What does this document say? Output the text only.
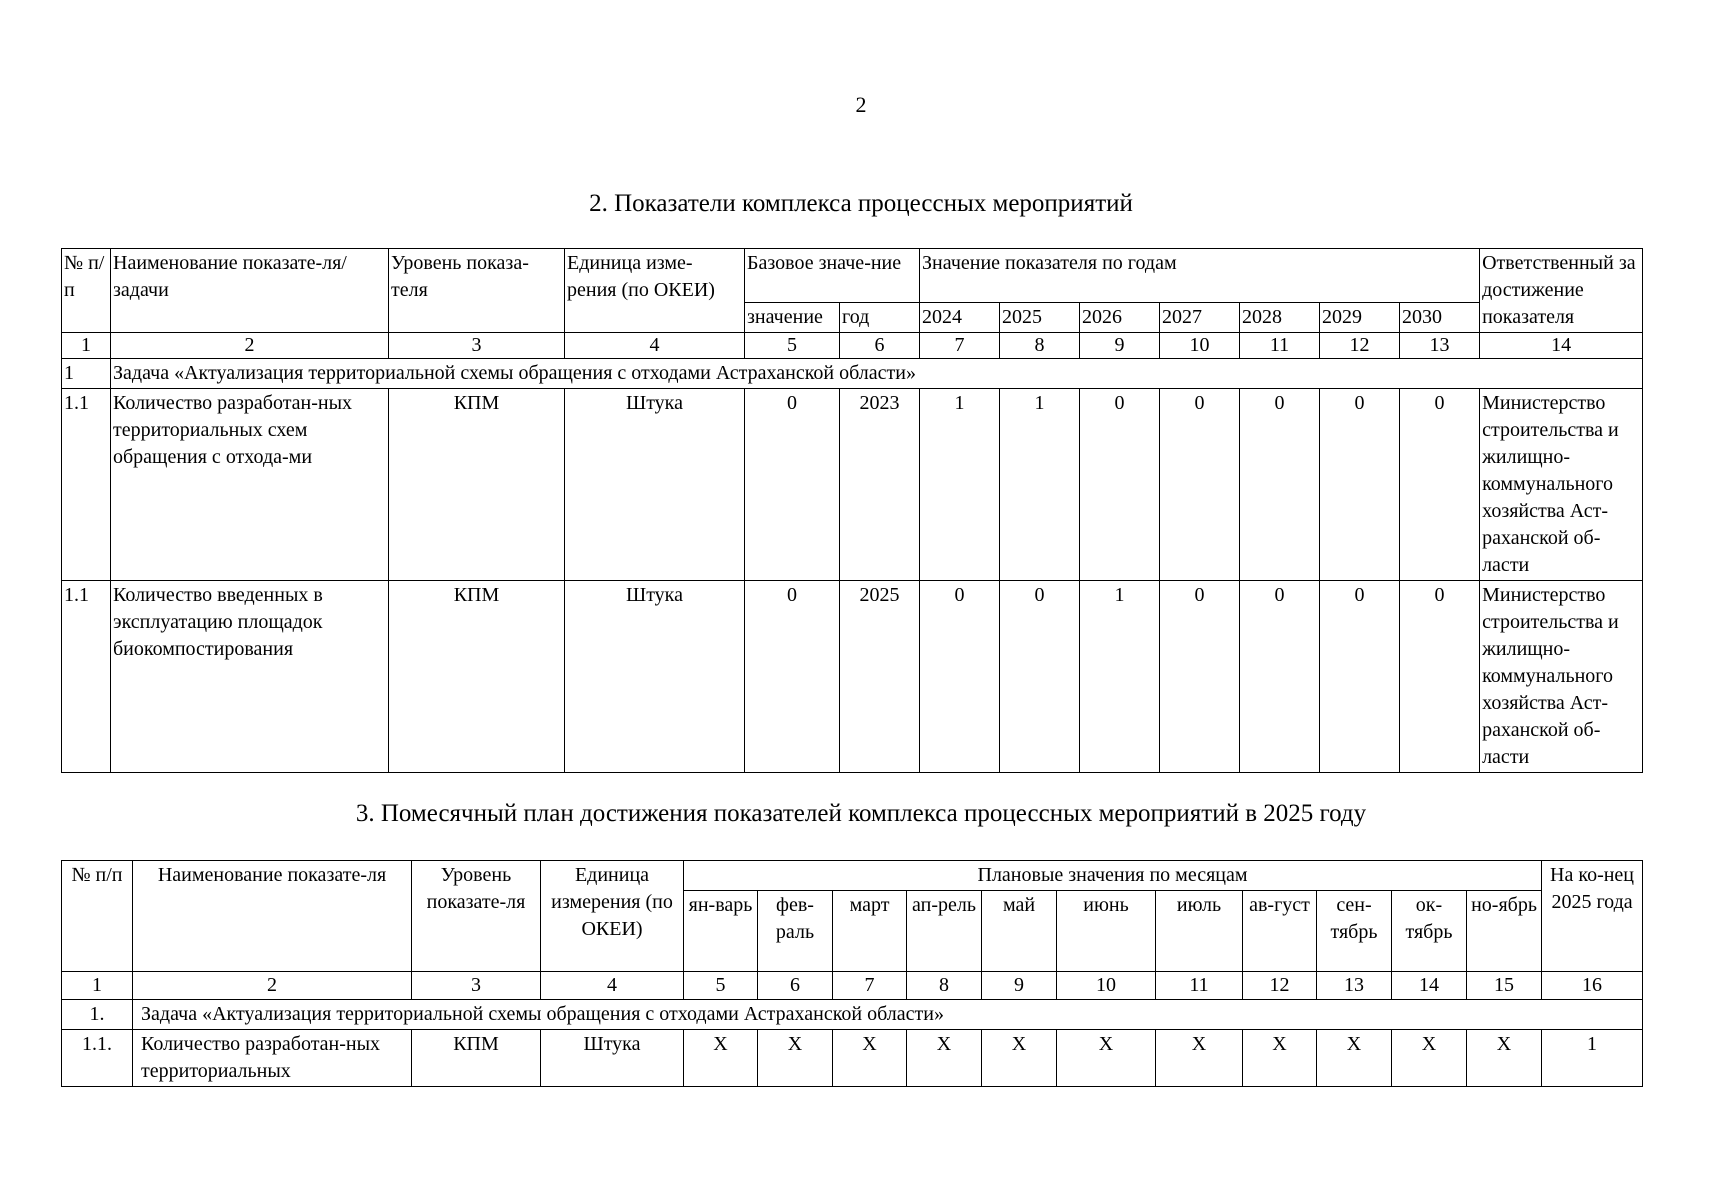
2
2. Показатели комплекса процессных мероприятий
№ п/п	Наименование показате-ля/задачи	Уровень показа-теля	Единица изме-рения (по ОКЕИ)	Базовое значе-ние		Значение показателя по годам							Ответственный за достижение показателя
				значение	год	2024	2025	2026	2027	2028	2029	2030	
1	2	3	4	5	6	7	8	9	10	11	12	13	14
1	Задача «Актуализация территориальной схемы обращения с отходами Астраханской области»												
1.1	Количество разработан-ных территориальных схем обращения с отхода-ми	КПМ	Штука	0	2023	1	1	0	0	0	0	0	Министерство строительства и жилищно-коммунального хозяйства Аст-раханской об-ласти
1.1	Количество введенных в эксплуатацию площадок биокомпостирования	КПМ	Штука	0	2025	0	0	1	0	0	0	0	Министерство строительства и жилищно-коммунального хозяйства Аст-раханской об-ласти
3. Помесячный план достижения показателей комплекса процессных мероприятий в 2025 году
№ п/п	Наименование показате-ля	Уровень показате-ля	Единица измерения (по ОКЕИ)	Плановые значения по месяцам											На ко-нец 2025 года
				ян-варь	фев-раль	март	ап-рель	май	июнь	июль	ав-густ	сен-тябрь	ок-тябрь	но-ябрь	
1	2	3	4	5	6	7	8	9	10	11	12	13	14	15	16
1.	Задача «Актуализация территориальной схемы обращения с отходами Астраханской области»														
1.1.	Количество разработан-ных территориальных	КПМ	Штука	X	X	X	X	X	X	X	X	X	X	X	1
